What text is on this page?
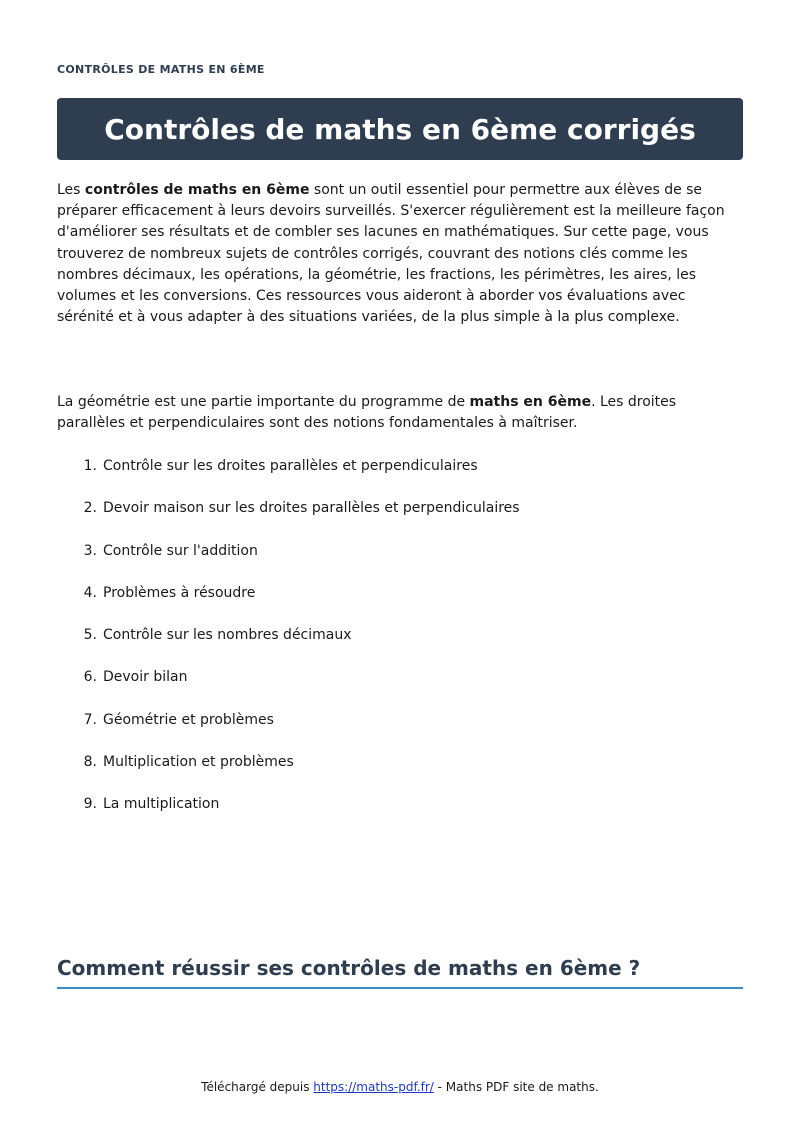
CONTRÔLES DE MATHS EN 6ÈME
Contrôles de maths en 6ème corrigés

Les contrôles de maths en 6ème sont un outil essentiel pour permettre aux élèves de se préparer efficacement à leurs devoirs surveillés. S'exercer régulièrement est la meilleure façon d'améliorer ses résultats et de combler ses lacunes en mathématiques. Sur cette page, vous trouverez de nombreux sujets de contrôles corrigés, couvrant des notions clés comme les nombres décimaux, les opérations, la géométrie, les fractions, les périmètres, les aires, les volumes et les conversions. Ces ressources vous aideront à aborder vos évaluations avec sérénité et à vous adapter à des situations variées, de la plus simple à la plus complexe.

La géométrie est une partie importante du programme de maths en 6ème. Les droites parallèles et perpendiculaires sont des notions fondamentales à maîtriser.

1. Contrôle sur les droites parallèles et perpendiculaires
2. Devoir maison sur les droites parallèles et perpendiculaires
3. Contrôle sur l'addition
4. Problèmes à résoudre
5. Contrôle sur les nombres décimaux
6. Devoir bilan
7. Géométrie et problèmes
8. Multiplication et problèmes
9. La multiplication
Comment réussir ses contrôles de maths en 6ème ?
Téléchargé depuis https://maths-pdf.fr/ - Maths PDF site de maths.
